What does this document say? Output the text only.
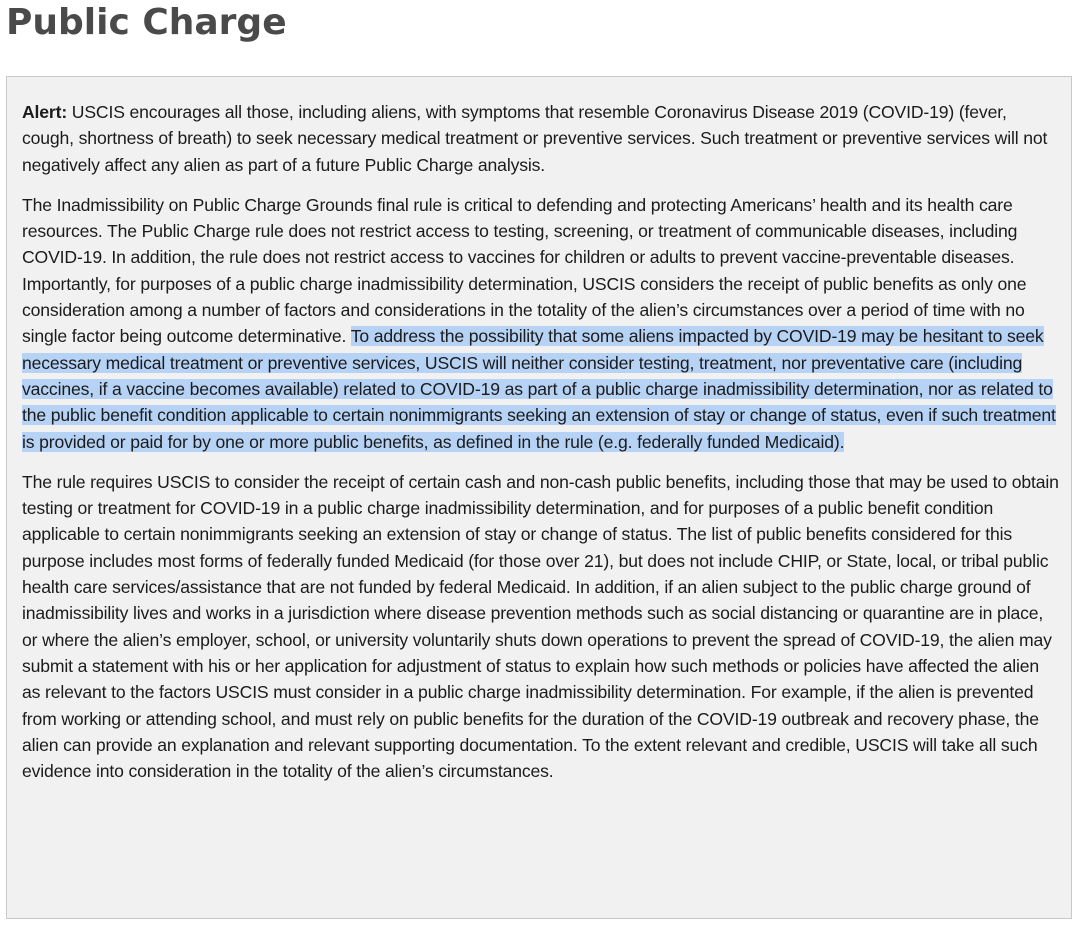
Public Charge

Alert: USCIS encourages all those, including aliens, with symptoms that resemble Coronavirus Disease 2019 (COVID-19) (fever, cough, shortness of breath) to seek necessary medical treatment or preventive services. Such treatment or preventive services will not negatively affect any alien as part of a future Public Charge analysis.

The Inadmissibility on Public Charge Grounds final rule is critical to defending and protecting Americans’ health and its health care resources. The Public Charge rule does not restrict access to testing, screening, or treatment of communicable diseases, including COVID-19. In addition, the rule does not restrict access to vaccines for children or adults to prevent vaccine-preventable diseases. Importantly, for purposes of a public charge inadmissibility determination, USCIS considers the receipt of public benefits as only one consideration among a number of factors and considerations in the totality of the alien’s circumstances over a period of time with no single factor being outcome determinative. To address the possibility that some aliens impacted by COVID-19 may be hesitant to seek necessary medical treatment or preventive services, USCIS will neither consider testing, treatment, nor preventative care (including vaccines, if a vaccine becomes available) related to COVID-19 as part of a public charge inadmissibility determination, nor as related to the public benefit condition applicable to certain nonimmigrants seeking an extension of stay or change of status, even if such treatment is provided or paid for by one or more public benefits, as defined in the rule (e.g. federally funded Medicaid).

The rule requires USCIS to consider the receipt of certain cash and non-cash public benefits, including those that may be used to obtain testing or treatment for COVID-19 in a public charge inadmissibility determination, and for purposes of a public benefit condition applicable to certain nonimmigrants seeking an extension of stay or change of status. The list of public benefits considered for this purpose includes most forms of federally funded Medicaid (for those over 21), but does not include CHIP, or State, local, or tribal public health care services/assistance that are not funded by federal Medicaid. In addition, if an alien subject to the public charge ground of inadmissibility lives and works in a jurisdiction where disease prevention methods such as social distancing or quarantine are in place, or where the alien’s employer, school, or university voluntarily shuts down operations to prevent the spread of COVID-19, the alien may submit a statement with his or her application for adjustment of status to explain how such methods or policies have affected the alien as relevant to the factors USCIS must consider in a public charge inadmissibility determination. For example, if the alien is prevented from working or attending school, and must rely on public benefits for the duration of the COVID-19 outbreak and recovery phase, the alien can provide an explanation and relevant supporting documentation. To the extent relevant and credible, USCIS will take all such evidence into consideration in the totality of the alien’s circumstances.
